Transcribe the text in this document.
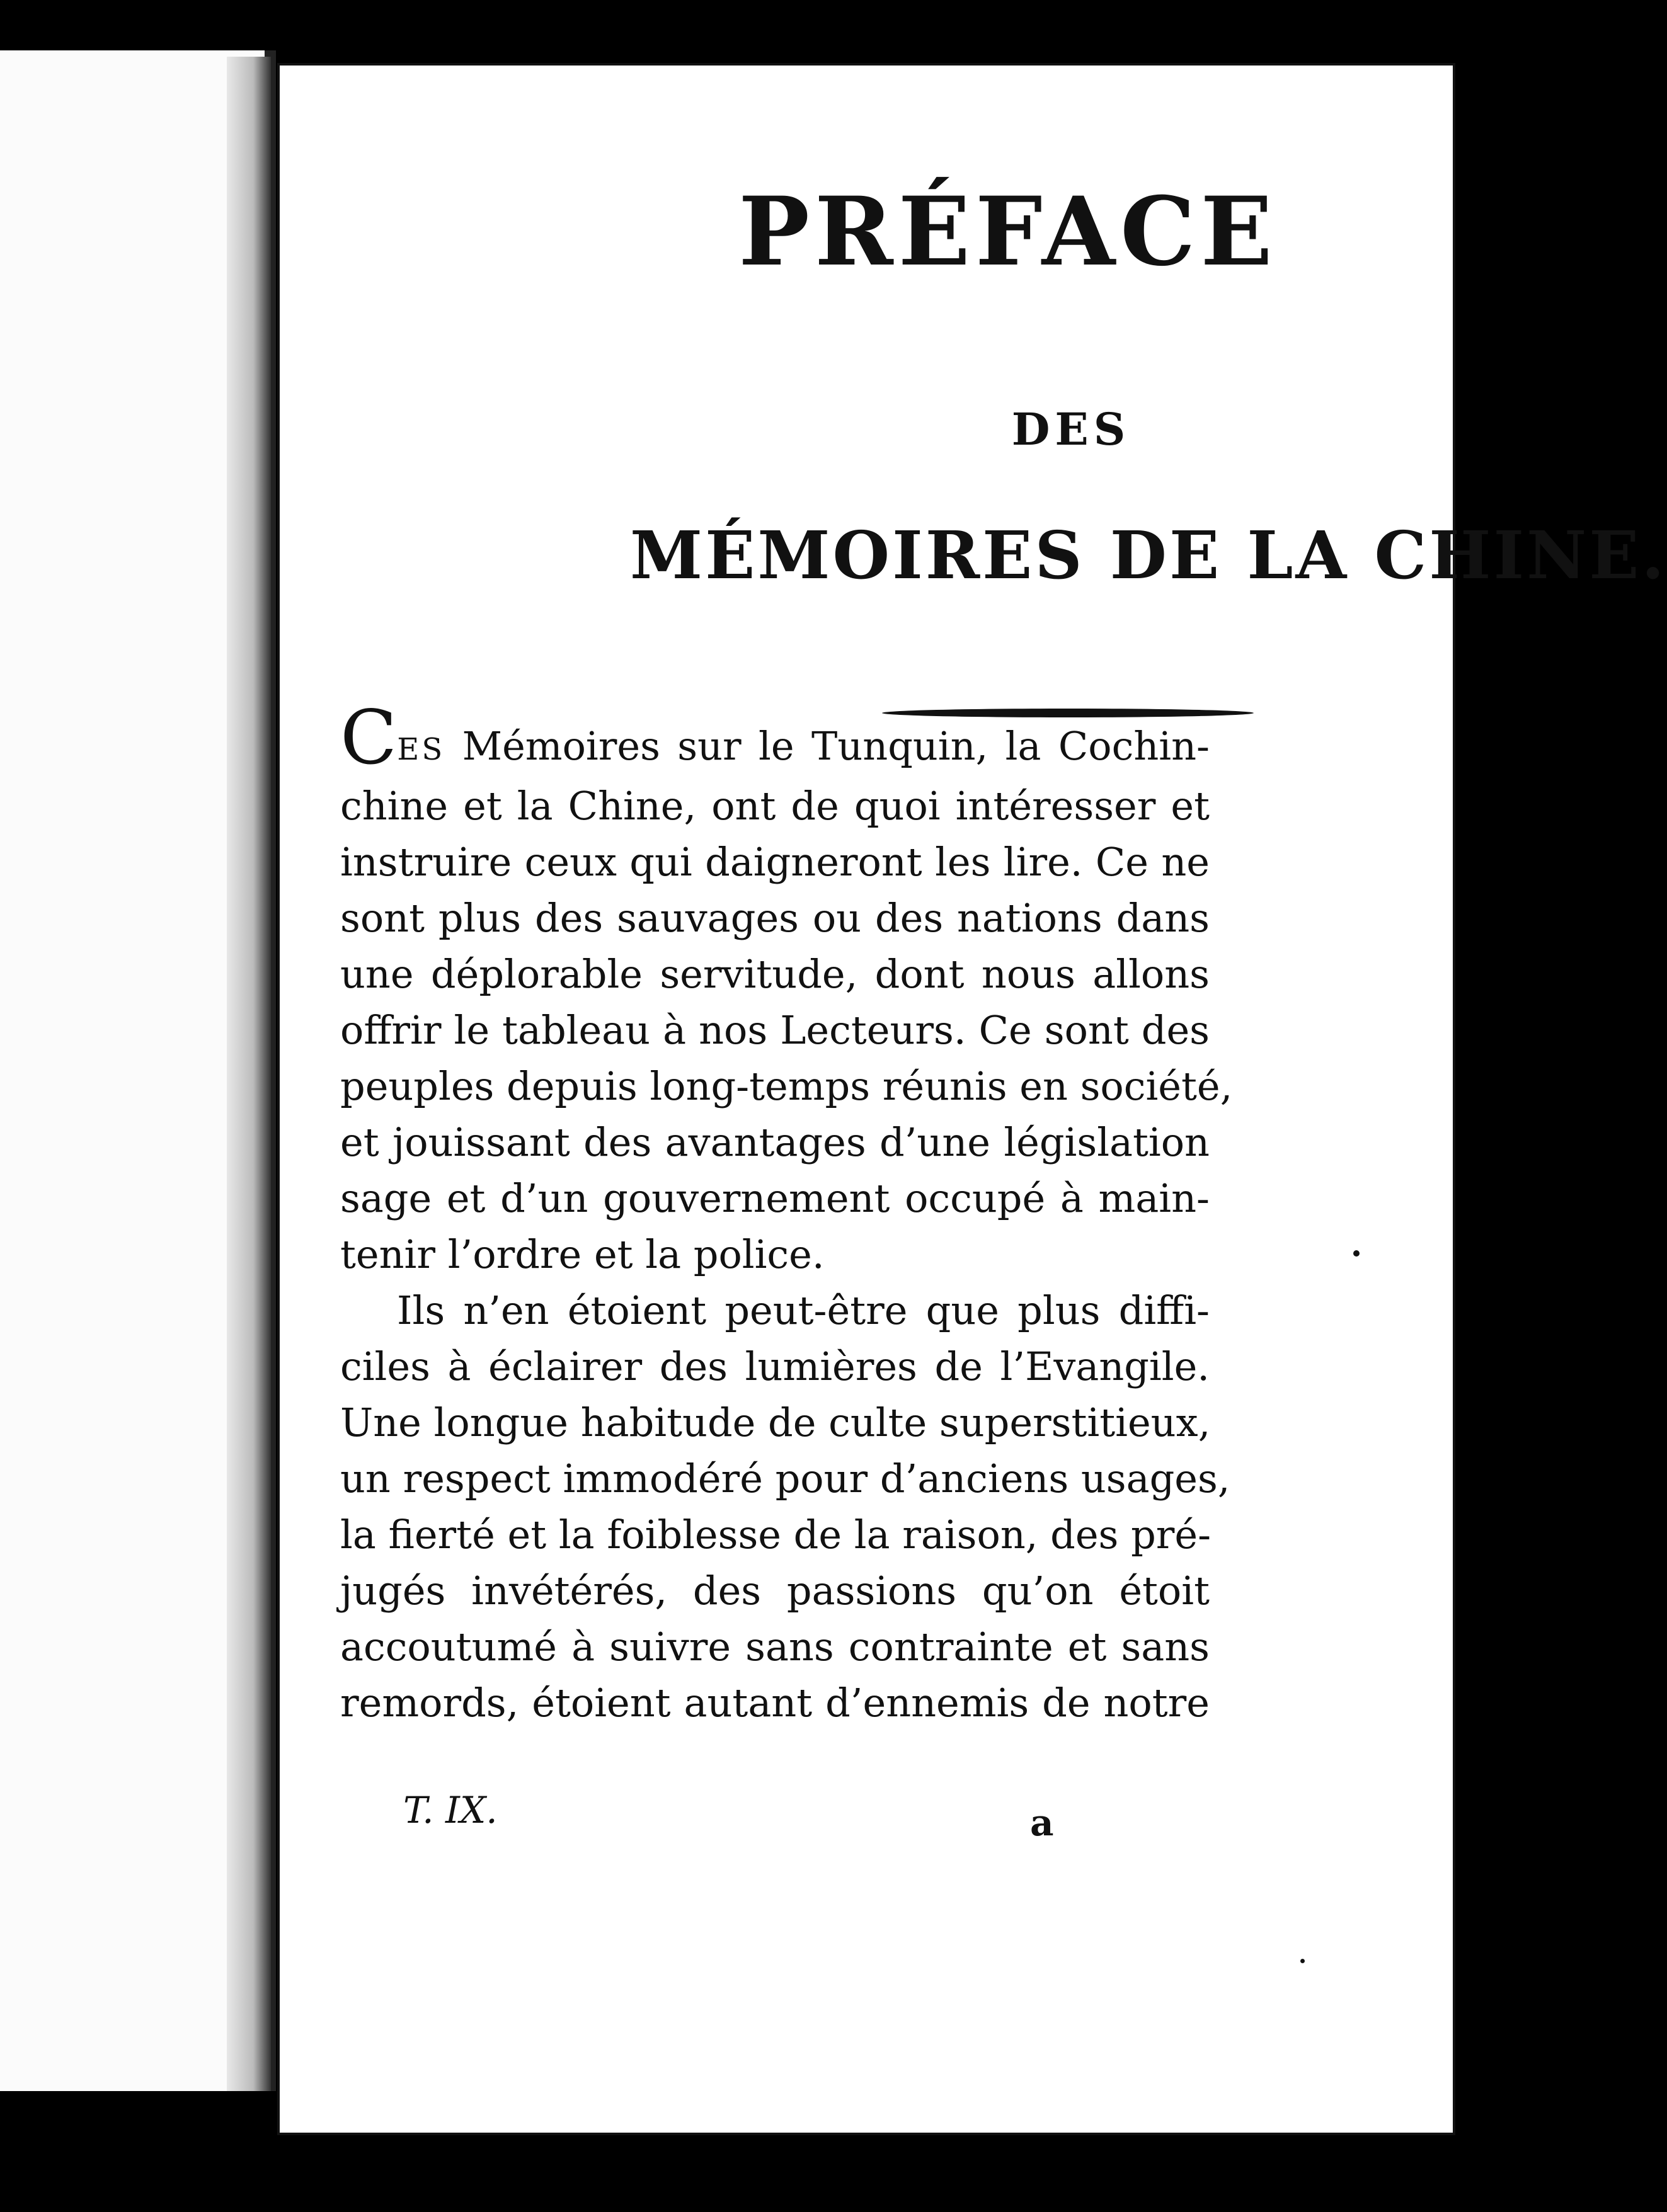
PRÉFACE
DES
MÉMOIRES DE LA CHINE.
CES Mémoires sur le Tunquin, la Cochin-
chine et la Chine, ont de quoi intéresser et
instruire ceux qui daigneront les lire. Ce ne
sont plus des sauvages ou des nations dans
une déplorable servitude, dont nous allons
offrir le tableau à nos Lecteurs. Ce sont des
peuples depuis long-temps réunis en société,
et jouissant des avantages d’une législation
sage et d’un gouvernement occupé à main-
tenir l’ordre et la police.
Ils n’en étoient peut-être que plus diffi-
ciles à éclairer des lumières de l’Evangile.
Une longue habitude de culte superstitieux,
un respect immodéré pour d’anciens usages,
la fierté et la foiblesse de la raison, des pré-
jugés invétérés, des passions qu’on étoit
accoutumé à suivre sans contrainte et sans
remords, étoient autant d’ennemis de notre
T. IX.	a
